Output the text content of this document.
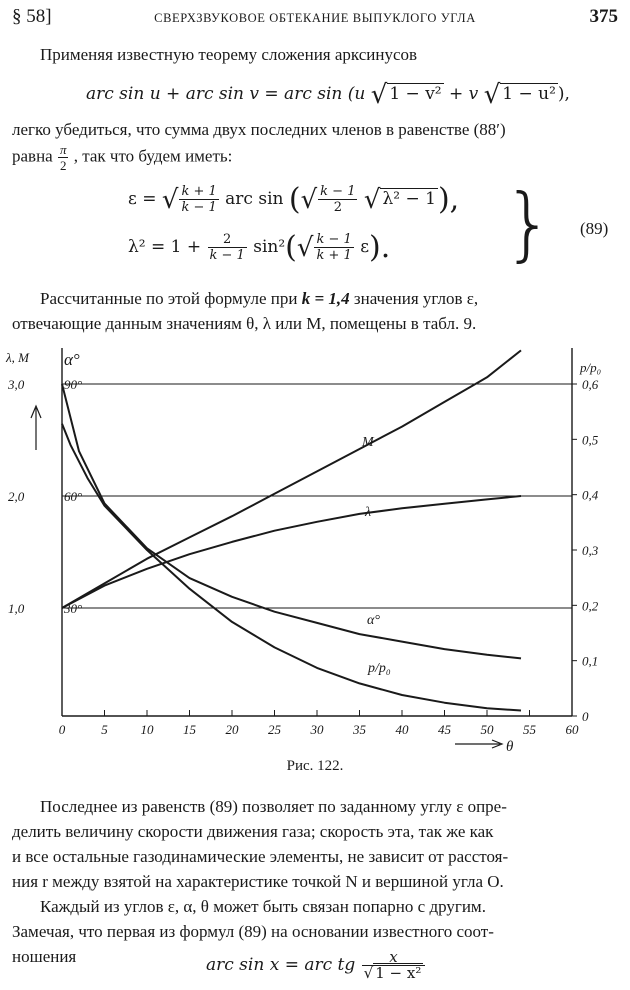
§ 58]	СВЕРХЗВУКОВОЕ ОБТЕКАНИЕ ВЫПУКЛОГО УГЛА	375
Применяя известную теорему сложения арксинусов
arc sin u + arc sin v = arc sin (u √ 1 − v² + v √ 1 − u² ),
легко убедиться, что сумма двух последних членов в равенстве (88′)
равна $\frac{\pi}{2}$ , так что будем иметь:
ε = √ $\frac{k + 1}{k - 1}$ arc sin (√ $\frac{k - 1}{2}$ √ λ² − 1),
$\lambda^2 = 1 + \frac{2}{k - 1} \sin^2(√ \frac{k - 1}{k + 1} \varepsilon)$. } (89)
Рассчитанные по этой формуле при k = 1,4 значения углов ε,
отвечающие данным значениям θ, λ или M, помещены в табл. 9.
0	5	10 15 20 25 30 35 40 45 50 55 60
1,0
2,0
3,0
30°
60°
90°
0
0,1
0,2
0,3
0,4
0,5
0,6
λ, M α°	p/p₀
θ
M
λ
α°
p/p₀
Рис. 122.
Последнее из равенств (89) позволяет по заданному углу ε опре-
делить величину скорости движения газа; скорость эта, так же как
и все остальные газодинамические элементы, не зависит от расстоя-
ния r между взятой на характеристике точкой N и вершиной угла O.
Каждый из углов ε, α, θ может быть связан попарно с другим.
Замечая, что первая из формул (89) на основании известного соот-
ношения	arc sin x = arc tg $\frac{x}{\text{√ 1 − x²}}$
